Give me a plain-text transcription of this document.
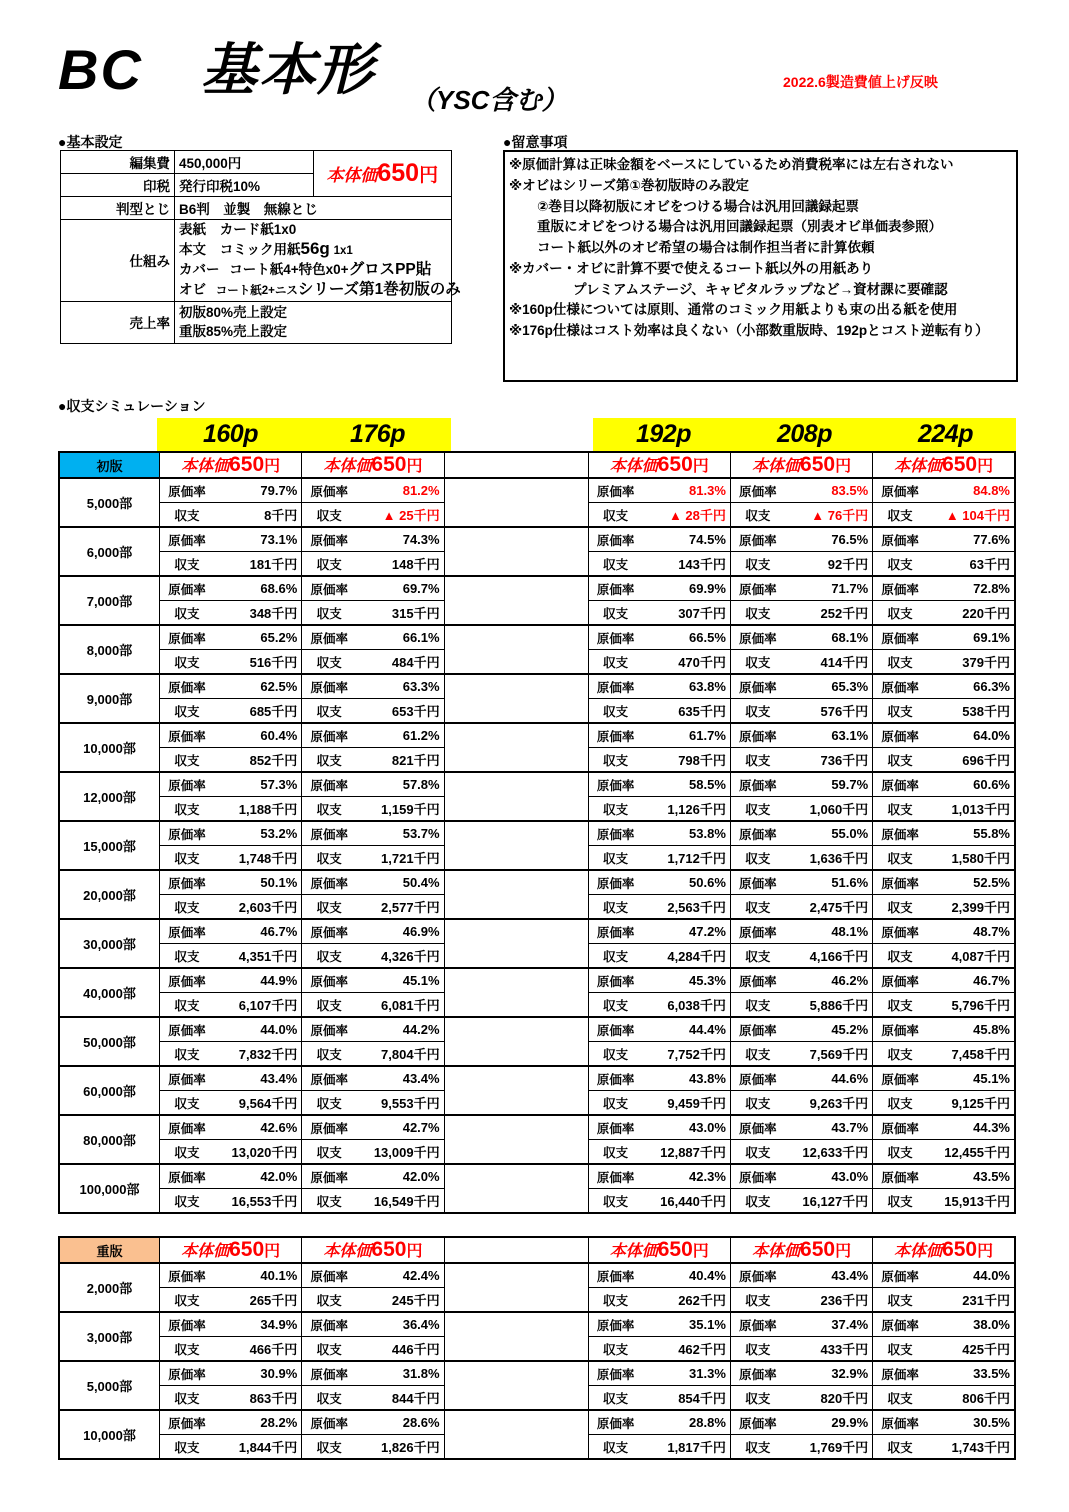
BC　基本形 （YSC含む）
2022.6製造費値上げ反映
●基本設定
編集費	450,000円	本体価650円
印税	発行印税10%	
判型とじ	B6判　並製　無線とじ	
仕組み	表紙 カード紙1x0
本文 コミック用紙56g 1x1
カバー コート紙4+特色x0+グロスPP貼
オビ コート紙2+ニスシリーズ第1巻初版のみ	

売上率	初版80%売上設定
重版85%売上設定	
●留意事項
※原価計算は正味金額をベースにしているため消費税率には左右されない
※オビはシリーズ第①巻初版時のみ設定
②巻目以降初版にオビをつける場合は汎用回議録起票
重版にオビをつける場合は汎用回議録起票（別表オビ単価表参照）
コート紙以外のオビ希望の場合は制作担当者に計算依頼
※カバー・オビに計算不要で使えるコート紙以外の用紙あり
プレミアムステージ、キャピタルラップなど→資材課に要確認
※160p仕様については原則、通常のコミック用紙よりも束の出る紙を使用
※176p仕様はコスト効率は良くない（小部数重版時、192pとコスト逆転有り）
●収支シミュレーション
160p	176p	192p	208p	224p
初版	本体価650円	本体価650円		本体価650円	本体価650円	本体価650円
5,000部	原価率 79.7%	原価率 81.2%		原価率 81.3%	原価率 83.5%	原価率 84.8%

	収支 8千円	収支 ▲ 25千円		収支 ▲ 28千円	収支 ▲ 76千円	収支 ▲ 104千円

6,000部	原価率 73.1%	原価率 74.3%		原価率 74.5%	原価率 76.5%	原価率 77.6%

	収支 181千円	収支 148千円		収支 143千円	収支 92千円	収支 63千円

7,000部	原価率 68.6%	原価率 69.7%		原価率 69.9%	原価率 71.7%	原価率 72.8%

	収支 348千円	収支 315千円		収支 307千円	収支 252千円	収支 220千円

8,000部	原価率 65.2%	原価率 66.1%		原価率 66.5%	原価率 68.1%	原価率 69.1%

	収支 516千円	収支 484千円		収支 470千円	収支 414千円	収支 379千円

9,000部	原価率 62.5%	原価率 63.3%		原価率 63.8%	原価率 65.3%	原価率 66.3%

	収支 685千円	収支 653千円		収支 635千円	収支 576千円	収支 538千円

10,000部	原価率 60.4%	原価率 61.2%		原価率 61.7%	原価率 63.1%	原価率 64.0%

	収支 852千円	収支 821千円		収支 798千円	収支 736千円	収支 696千円

12,000部	原価率 57.3%	原価率 57.8%		原価率 58.5%	原価率 59.7%	原価率 60.6%

	収支 1,188千円	収支 1,159千円		収支 1,126千円	収支 1,060千円	収支 1,013千円

15,000部	原価率 53.2%	原価率 53.7%		原価率 53.8%	原価率 55.0%	原価率 55.8%

	収支 1,748千円	収支 1,721千円		収支 1,712千円	収支 1,636千円	収支 1,580千円

20,000部	原価率 50.1%	原価率 50.4%		原価率 50.6%	原価率 51.6%	原価率 52.5%

	収支 2,603千円	収支 2,577千円		収支 2,563千円	収支 2,475千円	収支 2,399千円

30,000部	原価率 46.7%	原価率 46.9%		原価率 47.2%	原価率 48.1%	原価率 48.7%

	収支 4,351千円	収支 4,326千円		収支 4,284千円	収支 4,166千円	収支 4,087千円

40,000部	原価率 44.9%	原価率 45.1%		原価率 45.3%	原価率 46.2%	原価率 46.7%

	収支 6,107千円	収支 6,081千円		収支 6,038千円	収支 5,886千円	収支 5,796千円

50,000部	原価率 44.0%	原価率 44.2%		原価率 44.4%	原価率 45.2%	原価率 45.8%

	収支 7,832千円	収支 7,804千円		収支 7,752千円	収支 7,569千円	収支 7,458千円

60,000部	原価率 43.4%	原価率 43.4%		原価率 43.8%	原価率 44.6%	原価率 45.1%

	収支 9,564千円	収支 9,553千円		収支 9,459千円	収支 9,263千円	収支 9,125千円

80,000部	原価率 42.6%	原価率 42.7%		原価率 43.0%	原価率 43.7%	原価率 44.3%

	収支 13,020千円	収支 13,009千円		収支 12,887千円	収支 12,633千円	収支 12,455千円

100,000部	原価率 42.0%	原価率 42.0%		原価率 42.3%	原価率 43.0%	原価率 43.5%

	収支 16,553千円	収支 16,549千円		収支 16,440千円	収支 16,127千円	収支 15,913千円
重版	本体価650円	本体価650円		本体価650円	本体価650円	本体価650円
2,000部	原価率 40.1%	原価率 42.4%		原価率 40.4%	原価率 43.4%	原価率 44.0%

	収支 265千円	収支 245千円		収支 262千円	収支 236千円	収支 231千円

3,000部	原価率 34.9%	原価率 36.4%		原価率 35.1%	原価率 37.4%	原価率 38.0%

	収支 466千円	収支 446千円		収支 462千円	収支 433千円	収支 425千円

5,000部	原価率 30.9%	原価率 31.8%		原価率 31.3%	原価率 32.9%	原価率 33.5%

	収支 863千円	収支 844千円		収支 854千円	収支 820千円	収支 806千円

10,000部	原価率 28.2%	原価率 28.6%		原価率 28.8%	原価率 29.9%	原価率 30.5%

	収支 1,844千円	収支 1,826千円		収支 1,817千円	収支 1,769千円	収支 1,743千円
